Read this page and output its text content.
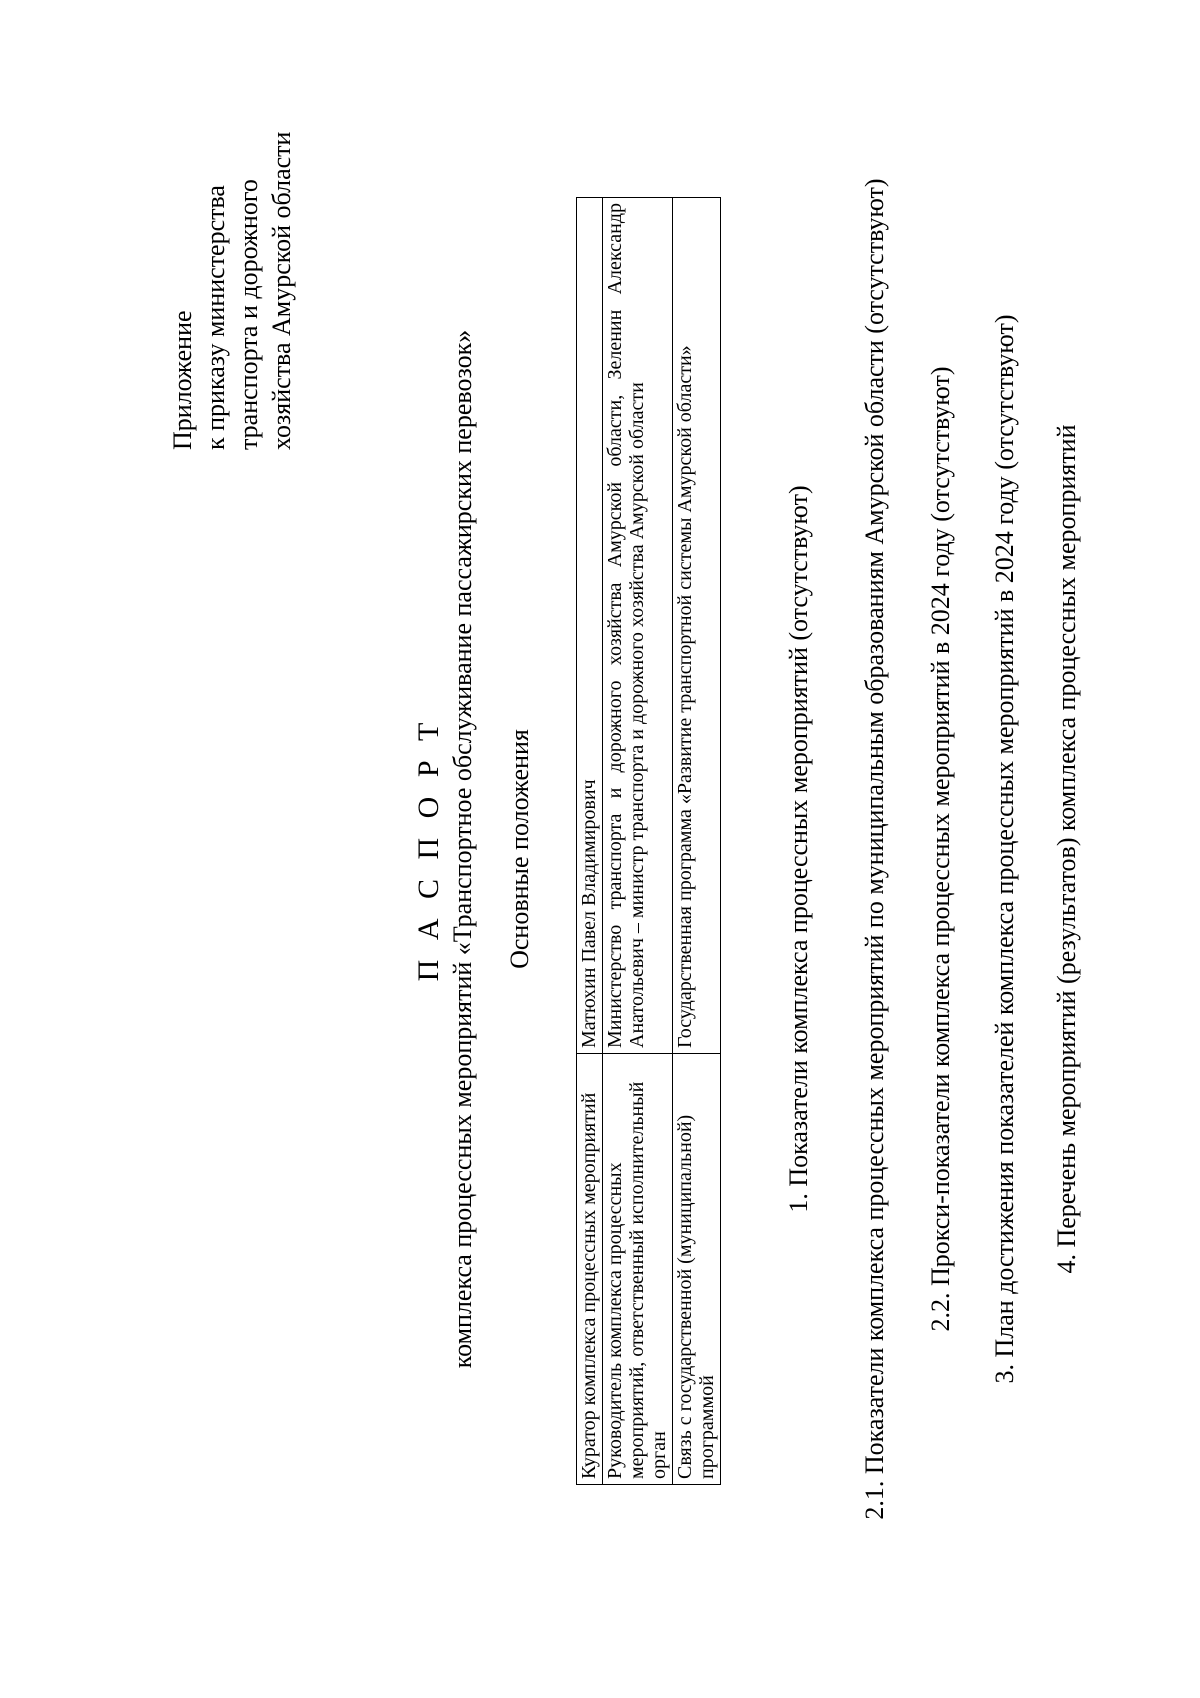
Приложение к приказу министерства транспорта и дорожного хозяйства Амурской области
П А С П О Р Т комплекса процессных мероприятий «Транспортное обслуживание пассажирских перевозок» Основные положения
Куратор комплекса процессных мероприятий	Матюхин Павел Владимирович
Руководитель комплекса процессных мероприятий, ответственный исполнительный орган	Министерство транспорта и дорожного хозяйства Амурской области, Зеленин Александр Анатольевич – министр транспорта и дорожного хозяйства Амурской области
Связь с государственной (муниципальной) программой	Государственная программа «Развитие транспортной системы Амурской области»	1. Показатели комплекса процессных мероприятий (отсутствуют) 2.1. Показатели комплекса процессных мероприятий по муниципальным образованиям Амурской области (отсутствуют) 2.2. Прокси-показатели комплекса процессных мероприятий в 2024 году (отсутствуют) 3. План достижения показателей комплекса процессных мероприятий в 2024 году (отсутствуют) 4. Перечень мероприятий (результатов) комплекса процессных мероприятий
